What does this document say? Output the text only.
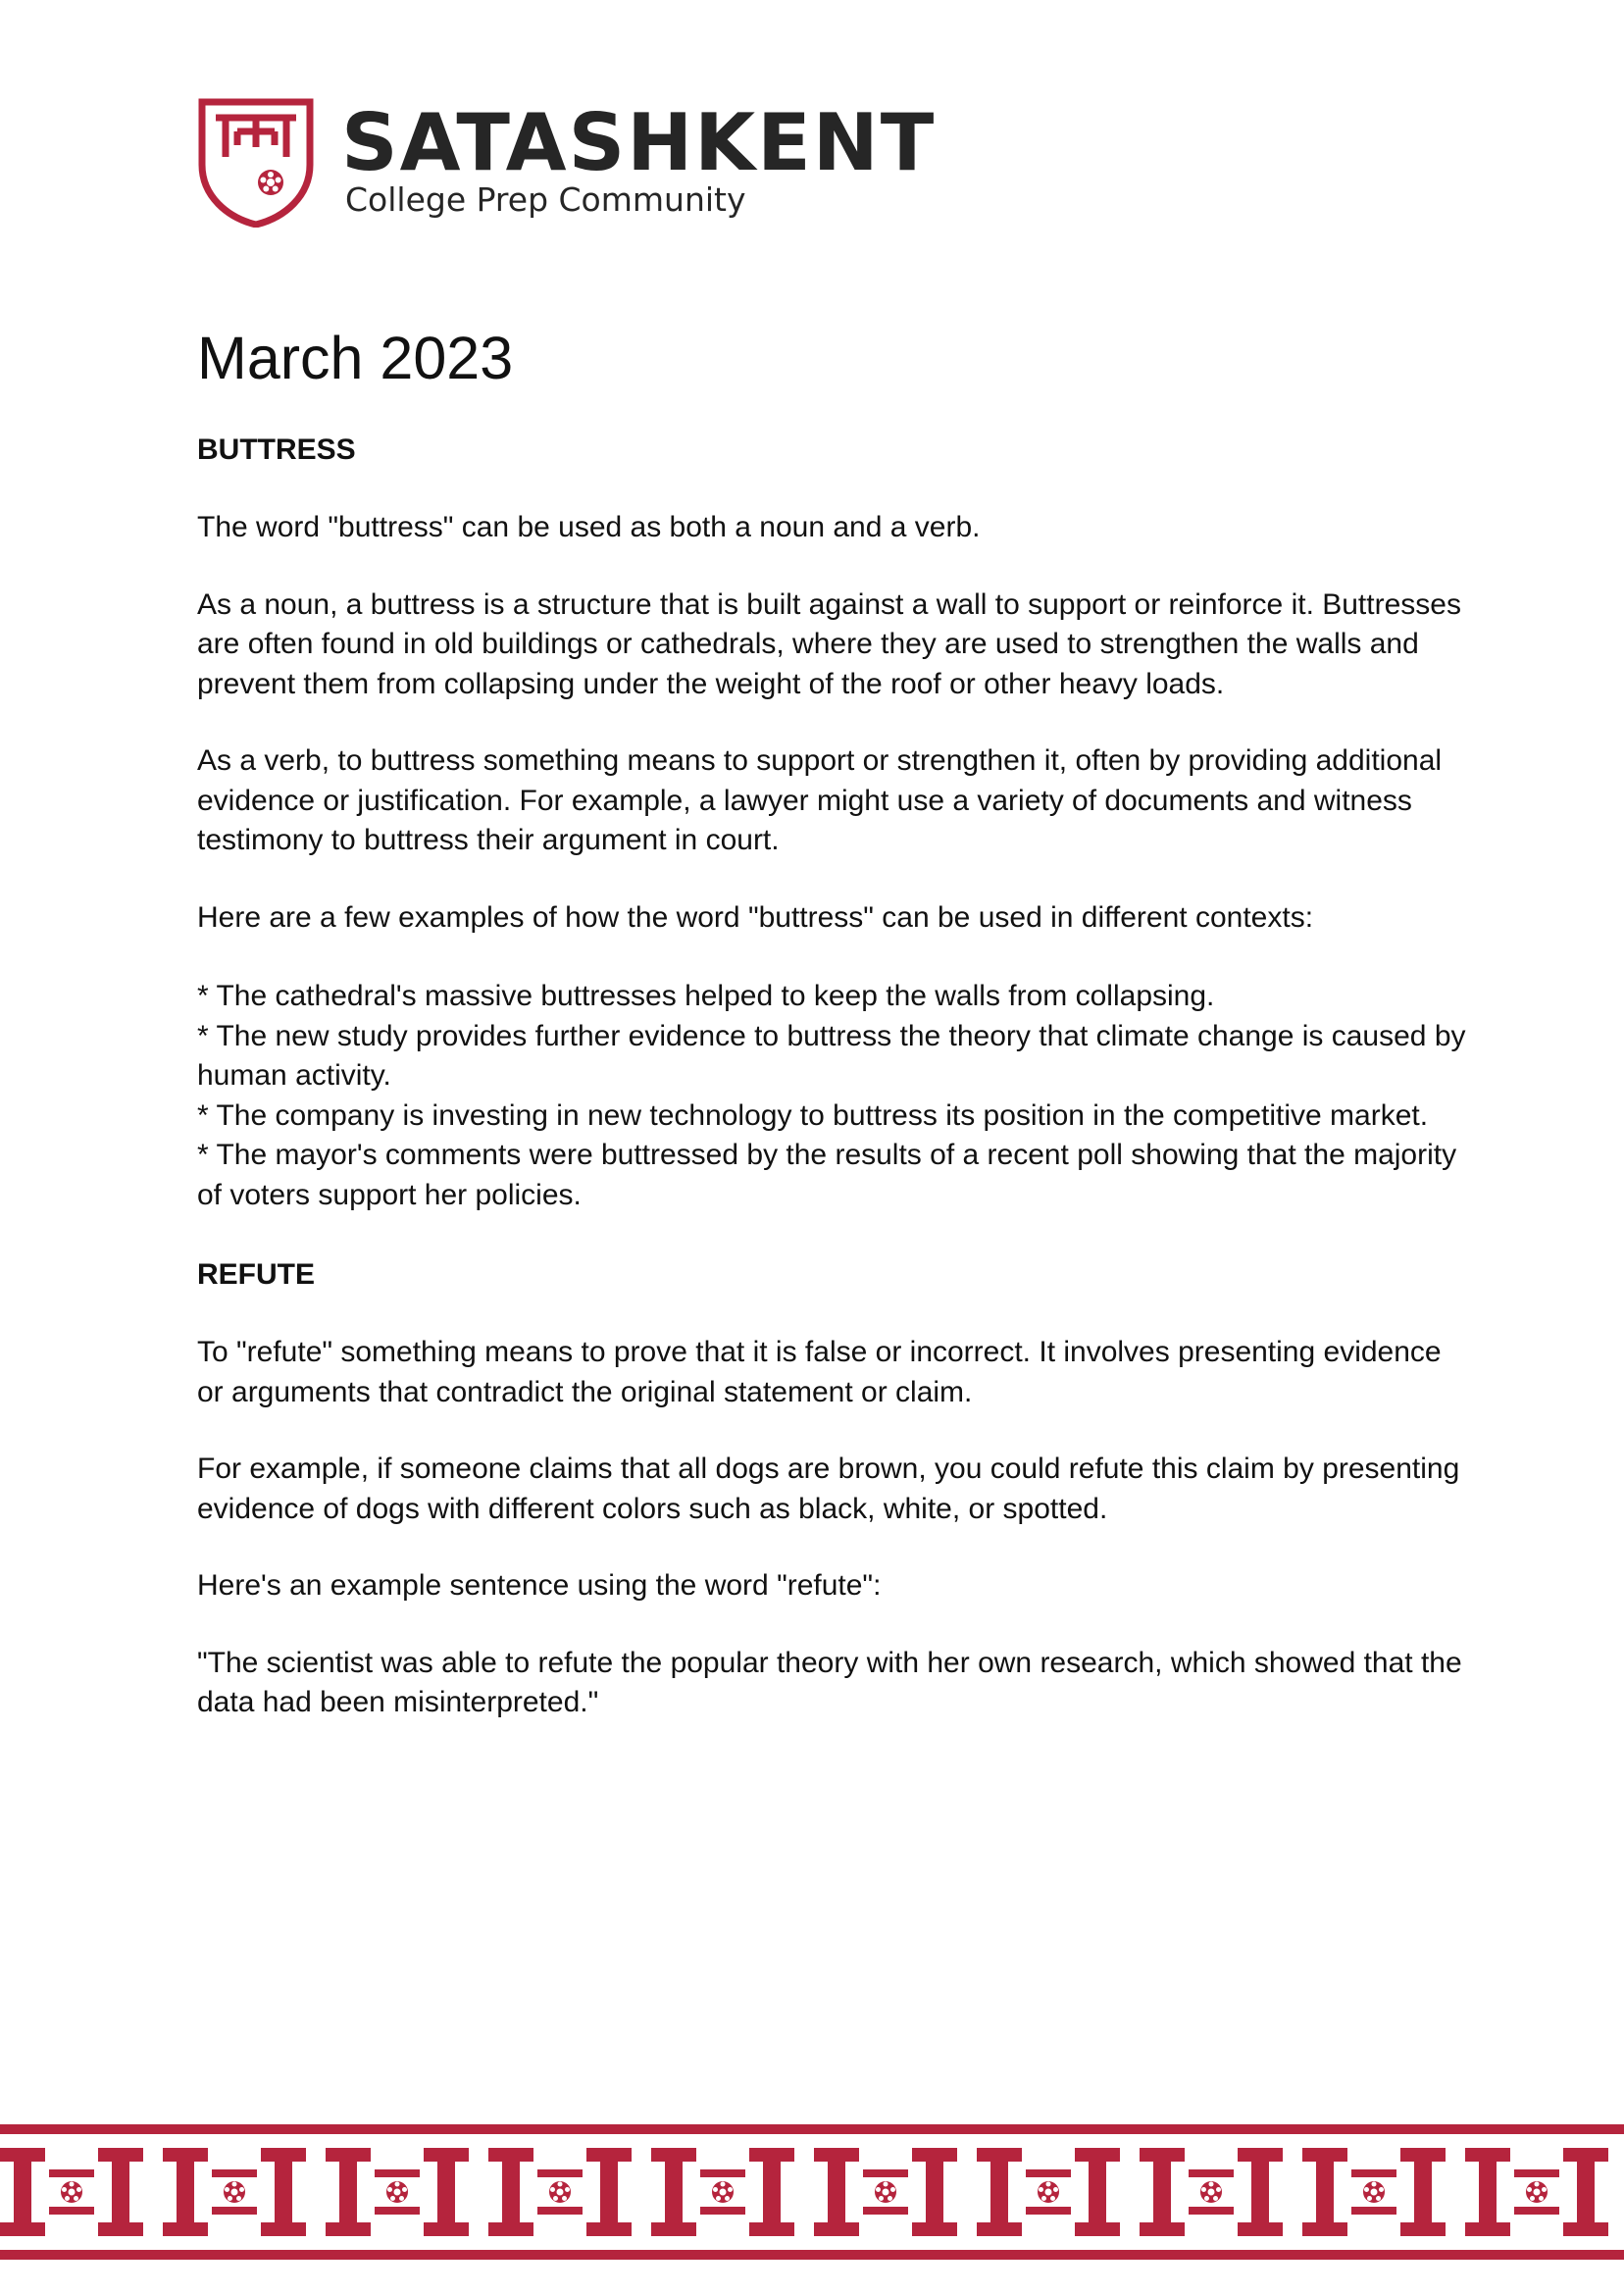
SATASHKENT
College Prep Community
March 2023
BUTTRESS

The word "buttress" can be used as both a noun and a verb.

As a noun, a buttress is a structure that is built against a wall to support or reinforce it. Buttresses are often found in old buildings or cathedrals, where they are used to strengthen the walls and prevent them from collapsing under the weight of the roof or other heavy loads.

As a verb, to buttress something means to support or strengthen it, often by providing additional evidence or justification. For example, a lawyer might use a variety of documents and witness testimony to buttress their argument in court.

Here are a few examples of how the word "buttress" can be used in different contexts:

* The cathedral's massive buttresses helped to keep the walls from collapsing.
* The new study provides further evidence to buttress the theory that climate change is caused by human activity.
* The company is investing in new technology to buttress its position in the competitive market.
* The mayor's comments were buttressed by the results of a recent poll showing that the majority of voters support her policies.
REFUTE

To "refute" something means to prove that it is false or incorrect. It involves presenting evidence or arguments that contradict the original statement or claim.

For example, if someone claims that all dogs are brown, you could refute this claim by presenting evidence of dogs with different colors such as black, white, or spotted.

Here's an example sentence using the word "refute":

"The scientist was able to refute the popular theory with her own research, which showed that the data had been misinterpreted."
